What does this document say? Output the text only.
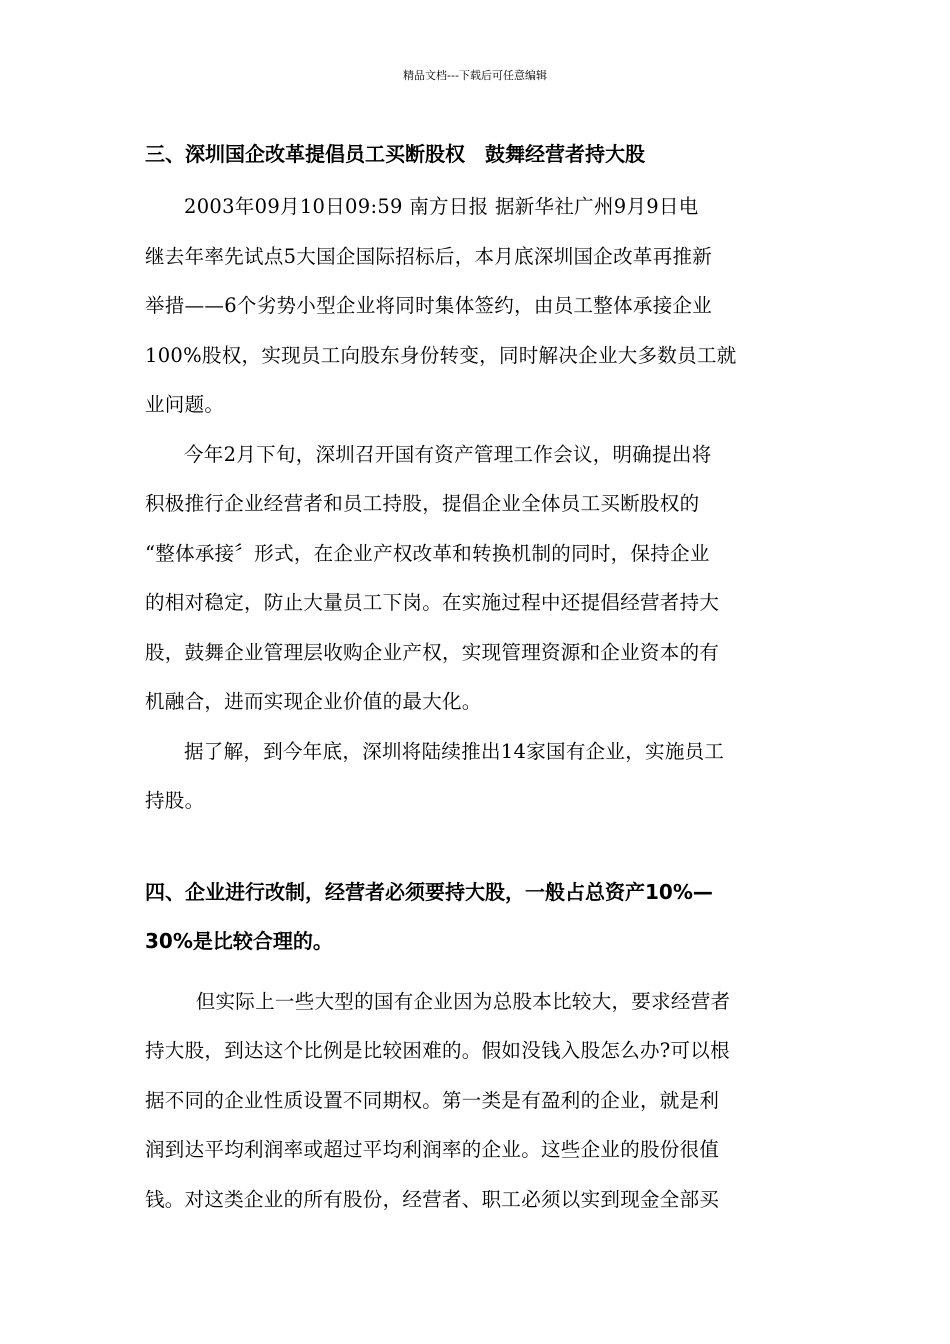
精品文档---下载后可任意编辑
三、深圳国企改革提倡员工买断股权　鼓舞经营者持大股

2003年09月10日09:59 南方日报 据新华社广州9月9日电
继去年率先试点5大国企国际招标后，本月底深圳国企改革再推新
举措——6个劣势小型企业将同时集体签约，由员工整体承接企业
100%股权，实现员工向股东身份转变，同时解决企业大多数员工就
业问题。

今年2月下旬，深圳召开国有资产管理工作会议，明确提出将
积极推行企业经营者和员工持股，提倡企业全体员工买断股权的
“整体承接〞形式，在企业产权改革和转换机制的同时，保持企业
的相对稳定，防止大量员工下岗。在实施过程中还提倡经营者持大
股，鼓舞企业管理层收购企业产权，实现管理资源和企业资本的有
机融合，进而实现企业价值的最大化。

据了解，到今年底，深圳将陆续推出14家国有企业，实施员工
持股。

四、企业进行改制，经营者必须要持大股，一般占总资产10%—
30%是比较合理的。

但实际上一些大型的国有企业因为总股本比较大，要求经营者
持大股，到达这个比例是比较困难的。假如没钱入股怎么办?可以根
据不同的企业性质设置不同期权。第一类是有盈利的企业，就是利
润到达平均利润率或超过平均利润率的企业。这些企业的股份很值
钱。对这类企业的所有股份，经营者、职工必须以实到现金全部买
